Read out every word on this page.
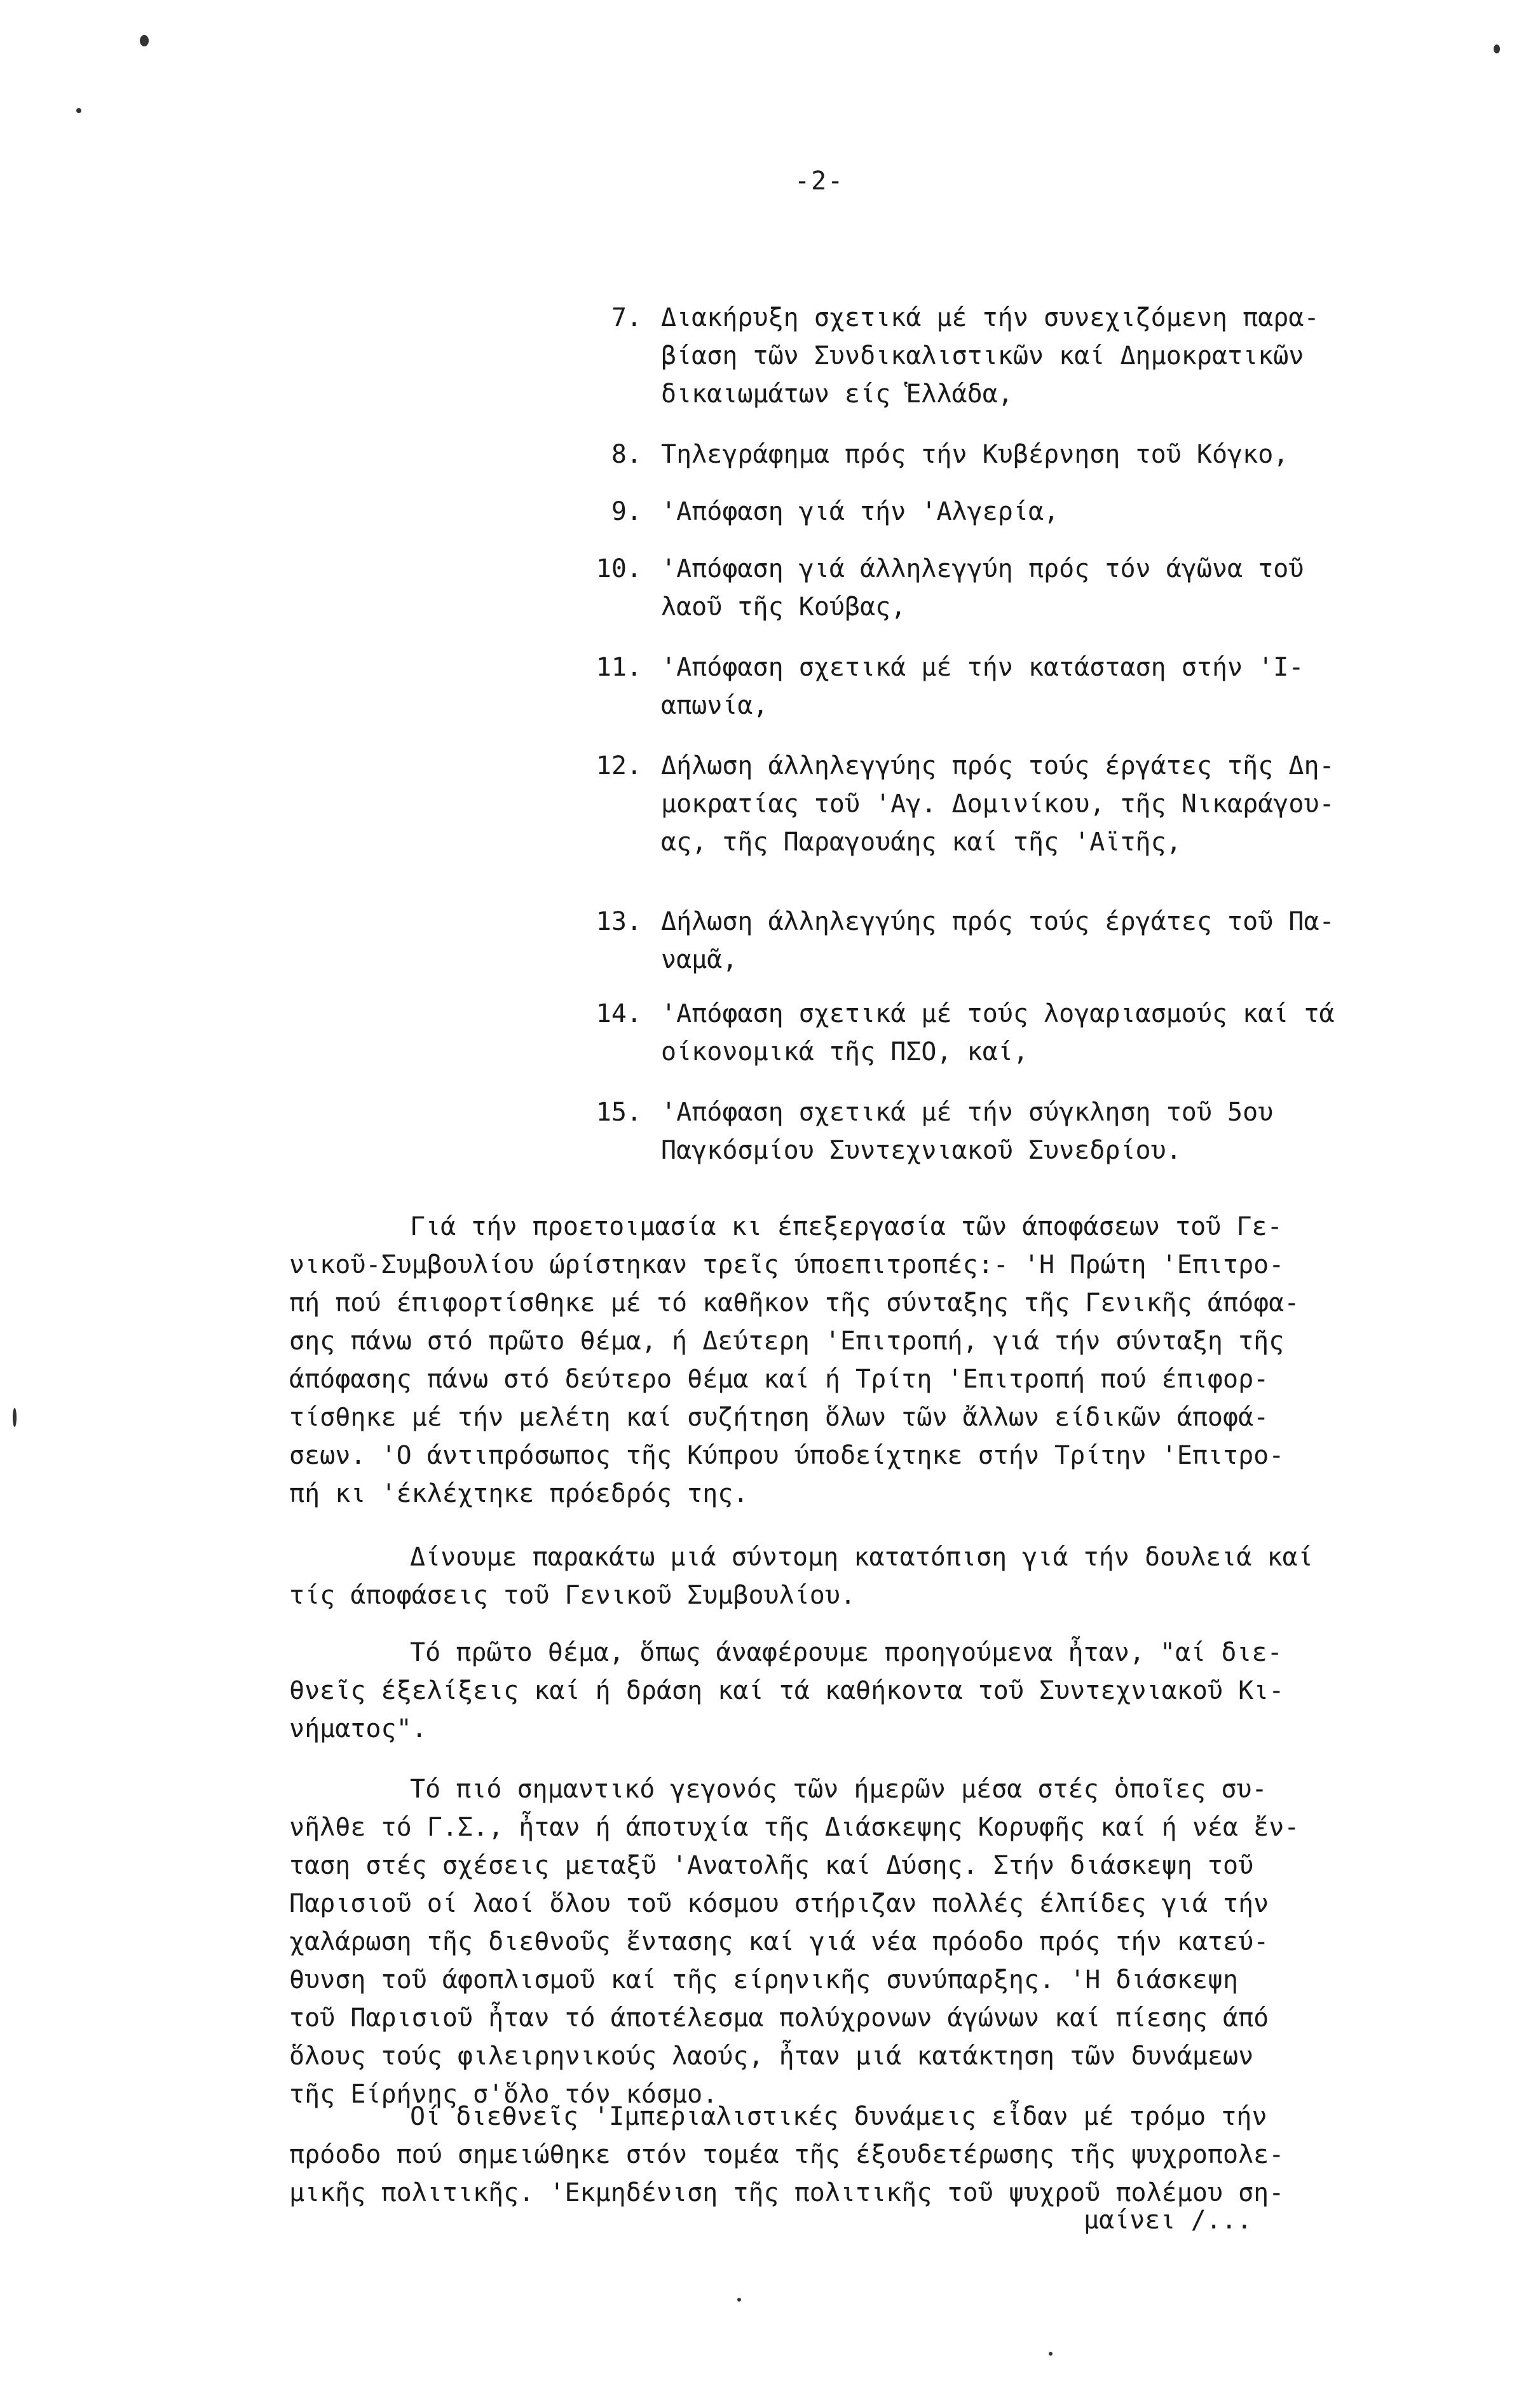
-2-
7. Διακήρυξη σχετικά μέ τήν συνεχιζόμενη παρα-
βίαση τῶν Συνδικαλιστικῶν καί Δημοκρατικῶν
δικαιωμάτων είς Ἑλλάδα,
8. Τηλεγράφημα πρός τήν Κυβέρνηση τοῦ Κόγκο,
9. 'Απόφαση γιά τήν 'Αλγερία,
10. 'Απόφαση γιά άλληλεγγύη πρός τόν άγῶνα τοῦ
λαοῦ τῆς Κούβας,
11. 'Απόφαση σχετικά μέ τήν κατάσταση στήν 'Ι-
απωνία,
12. Δήλωση άλληλεγγύης πρός τούς έργάτες τῆς Δη-
μοκρατίας τοῦ 'Αγ. Δομινίκου, τῆς Νικαράγου-
ας, τῆς Παραγουάης καί τῆς 'Αϊτῆς,
13. Δήλωση άλληλεγγύης πρός τούς έργάτες τοῦ Πα-
ναμᾶ,
14. 'Απόφαση σχετικά μέ τούς λογαριασμούς καί τά
οίκονομικά τῆς ΠΣΟ, καί,
15. 'Απόφαση σχετικά μέ τήν σύγκληση τοῦ 5ου
Παγκόσμίου Συντεχνιακοῦ Συνεδρίου.
Γιά τήν προετοιμασία κι έπεξεργασία τῶν άποφάσεων τοῦ Γε-
νικοῦ-Συμβουλίου ώρίστηκαν τρεῖς ύποεπιτροπές:- 'Η Πρώτη 'Επιτρο-
πή πού έπιφορτίσθηκε μέ τό καθῆκον τῆς σύνταξης τῆς Γενικῆς άπόφα-
σης πάνω στό πρῶτο θέμα, ή Δεύτερη 'Επιτροπή, γιά τήν σύνταξη τῆς
άπόφασης πάνω στό δεύτερο θέμα καί ή Τρίτη 'Επιτροπή πού έπιφορ-
τίσθηκε μέ τήν μελέτη καί συζήτηση ὅλων τῶν ἄλλων είδικῶν άποφά-
σεων. 'Ο άντιπρόσωπος τῆς Κύπρου ύποδείχτηκε στήν Τρίτην 'Επιτρο-
πή κι 'έκλέχτηκε πρόεδρός της.
Δίνουμε παρακάτω μιά σύντομη κατατόπιση γιά τήν δουλειά καί
τίς άποφάσεις τοῦ Γενικοῦ Συμβουλίου.
Τό πρῶτο θέμα, ὅπως άναφέρουμε προηγούμενα ἦταν, "αί διε-
θνεῖς έξελίξεις καί ή δράση καί τά καθήκοντα τοῦ Συντεχνιακοῦ Κι-
νήματος".
Τό πιό σημαντικό γεγονός τῶν ήμερῶν μέσα στές ὁποῖες συ-
νῆλθε τό Γ.Σ., ἦταν ή άποτυχία τῆς Διάσκεψης Κορυφῆς καί ή νέα ἔν-
ταση στές σχέσεις μεταξῦ 'Ανατολῆς καί Δύσης. Στήν διάσκεψη τοῦ
Παρισιοῦ οί λαοί ὅλου τοῦ κόσμου στήριζαν πολλές έλπίδες γιά τήν
χαλάρωση τῆς διεθνοῦς ἔντασης καί γιά νέα πρόοδο πρός τήν κατεύ-
θυνση τοῦ άφοπλισμοῦ καί τῆς είρηνικῆς συνύπαρξης. 'Η διάσκεψη
τοῦ Παρισιοῦ ἦταν τό άποτέλεσμα πολύχρονων άγώνων καί πίεσης άπό
ὅλους τούς φιλειρηνικούς λαούς, ἦταν μιά κατάκτηση τῶν δυνάμεων
τῆς Είρήνης σ'ὅλο τόν κόσμο.
Οί διεθνεῖς 'Ιμπεριαλιστικές δυνάμεις εἶδαν μέ τρόμο τήν
πρόοδο πού σημειώθηκε στόν τομέα τῆς έξουδετέρωσης τῆς ψυχροπολε-
μικῆς πολιτικῆς. 'Εκμηδένιση τῆς πολιτικῆς τοῦ ψυχροῦ πολέμου ση-
μαίνει /...
